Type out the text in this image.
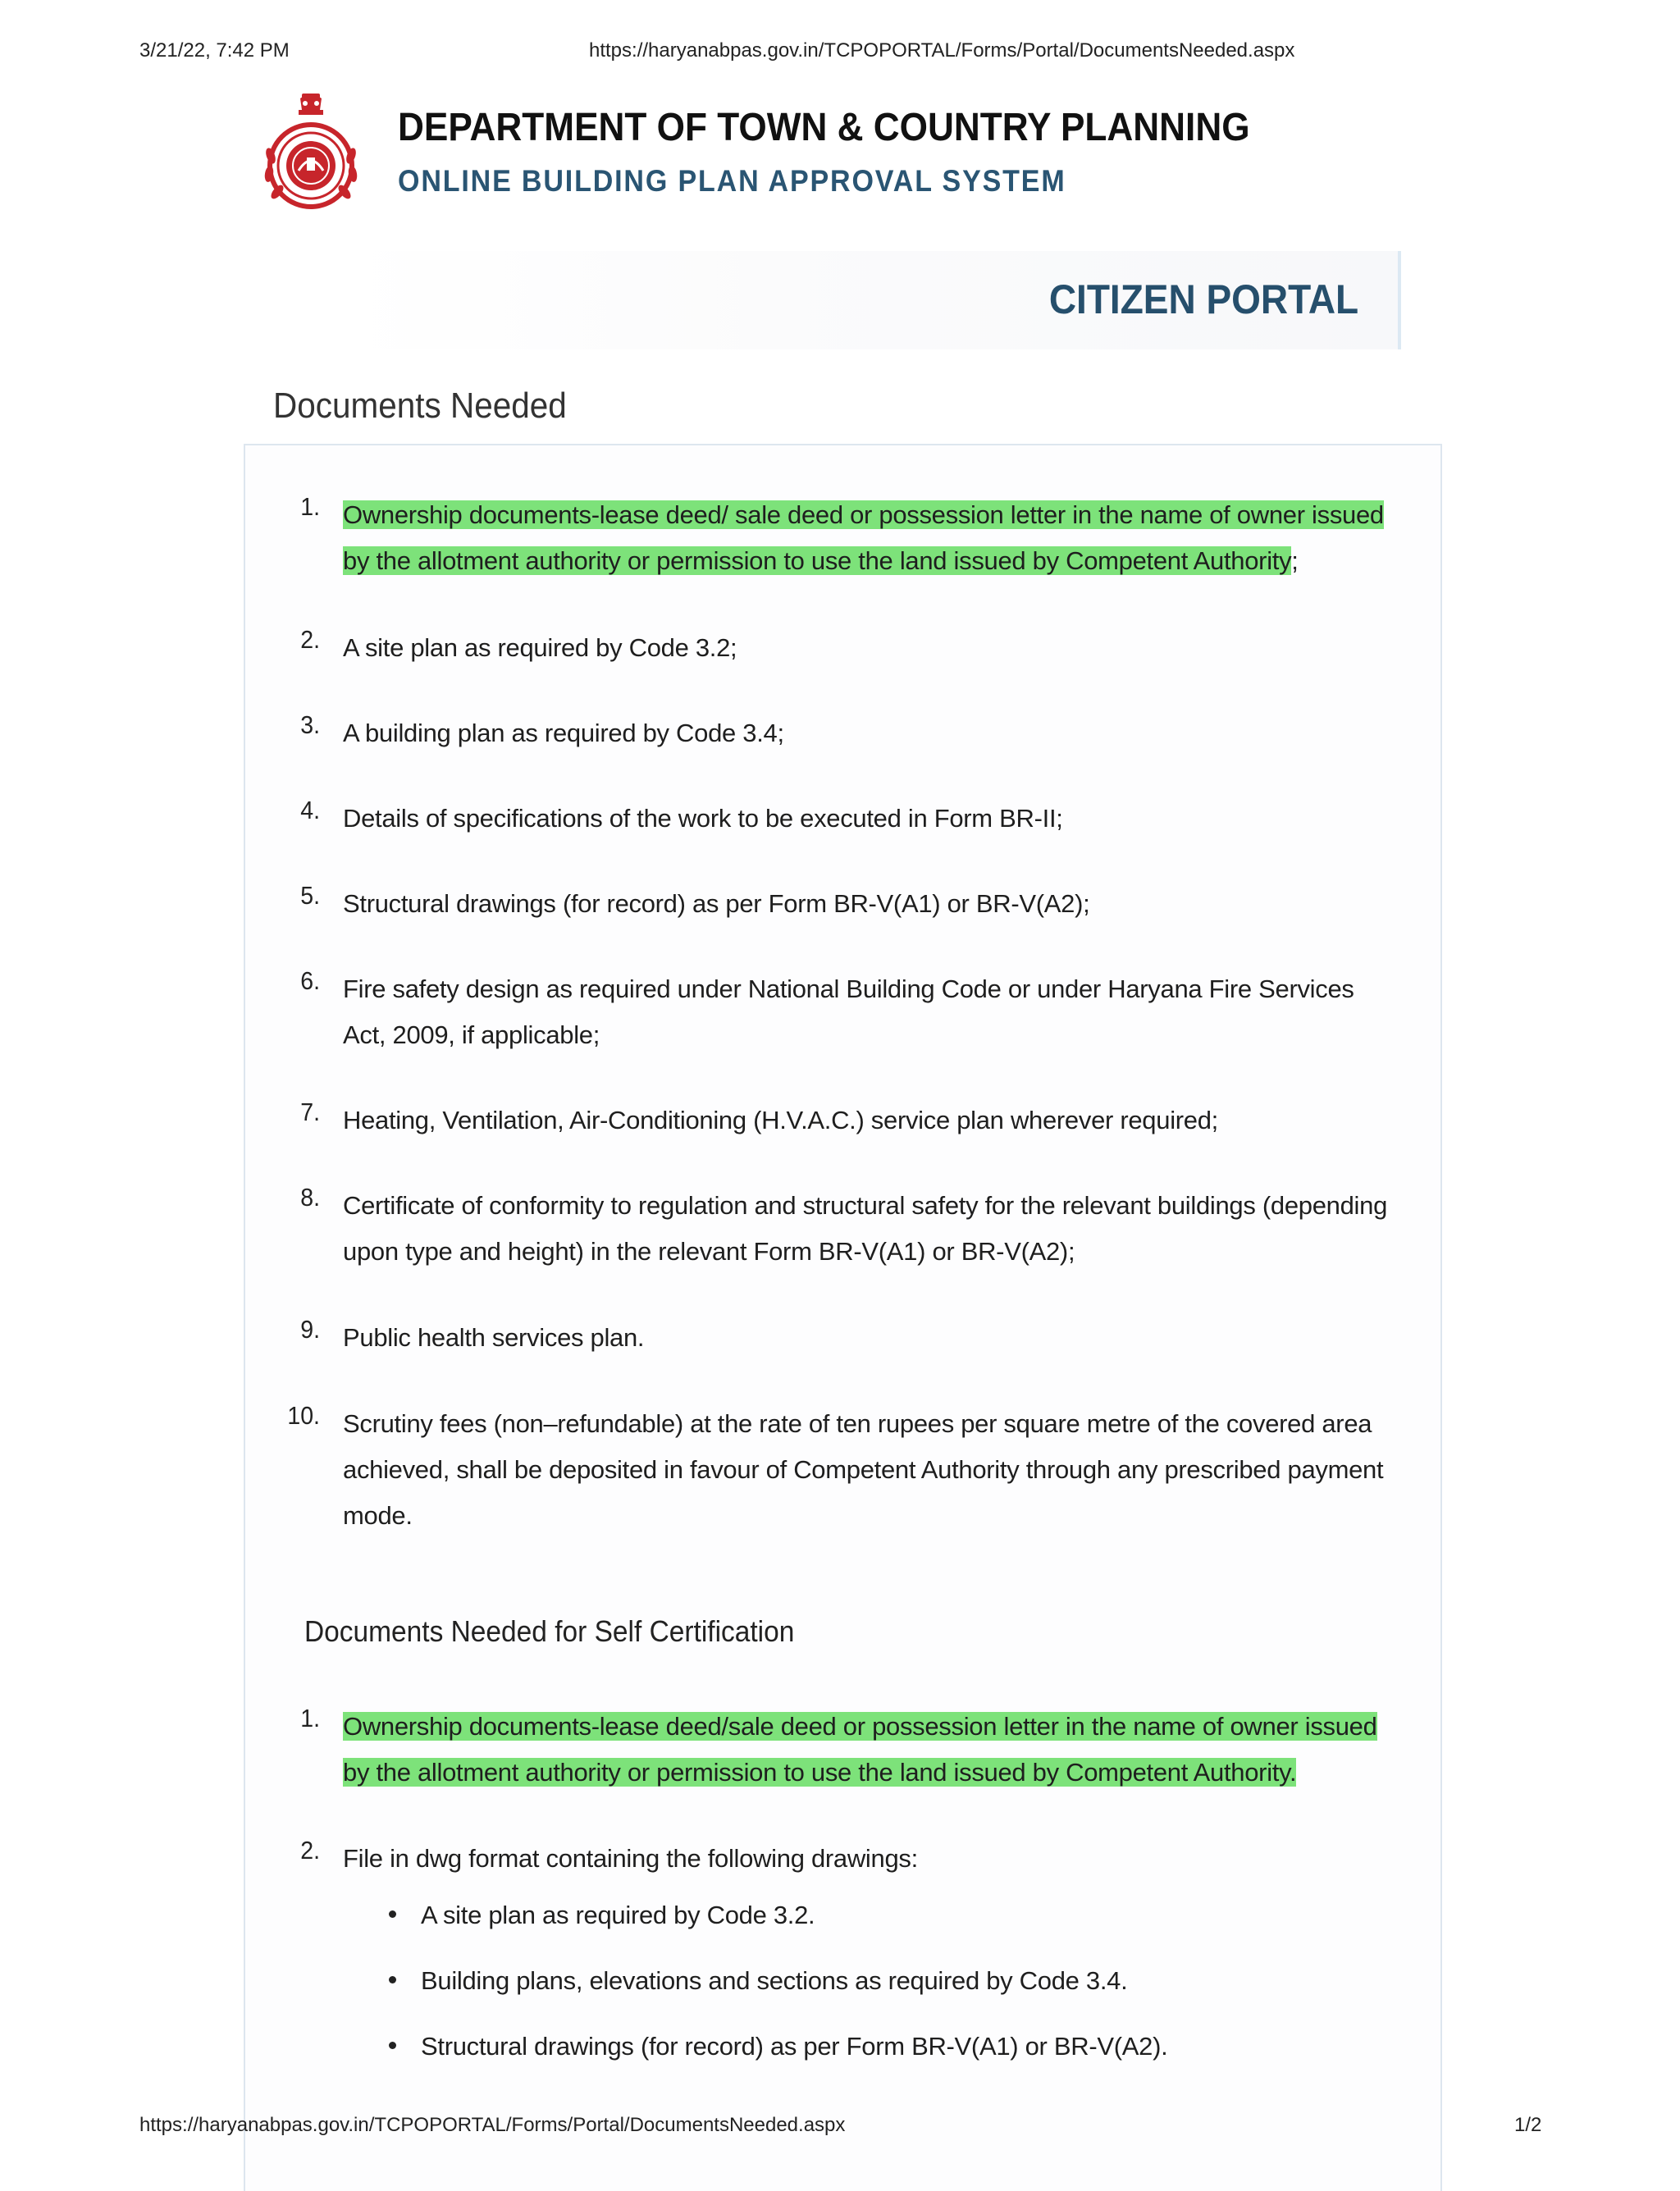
3/21/22, 7:42 PM	https://haryanabpas.gov.in/TCPOPORTAL/Forms/Portal/DocumentsNeeded.aspx
DEPARTMENT OF TOWN & COUNTRY PLANNING
ONLINE BUILDING PLAN APPROVAL SYSTEM
CITIZEN PORTAL
Documents Needed
1. Ownership documents-lease deed/ sale deed or possession letter in the name of owner issued by the allotment authority or permission to use the land issued by Competent Authority;
2. A site plan as required by Code 3.2;
3. A building plan as required by Code 3.4;
4. Details of specifications of the work to be executed in Form BR-II;
5. Structural drawings (for record) as per Form BR-V(A1) or BR-V(A2);
6. Fire safety design as required under National Building Code or under Haryana Fire Services Act, 2009, if applicable;
7. Heating, Ventilation, Air-Conditioning (H.V.A.C.) service plan wherever required;
8. Certificate of conformity to regulation and structural safety for the relevant buildings (depending upon type and height) in the relevant Form BR-V(A1) or BR-V(A2);
9. Public health services plan.
10. Scrutiny fees (non–refundable) at the rate of ten rupees per square metre of the covered area achieved, shall be deposited in favour of Competent Authority through any prescribed payment mode.
Documents Needed for Self Certification
1. Ownership documents-lease deed/sale deed or possession letter in the name of owner issued by the allotment authority or permission to use the land issued by Competent Authority.
2. File in dwg format containing the following drawings:
A site plan as required by Code 3.2.
Building plans, elevations and sections as required by Code 3.4.
Structural drawings (for record) as per Form BR-V(A1) or BR-V(A2).
https://haryanabpas.gov.in/TCPOPORTAL/Forms/Portal/DocumentsNeeded.aspx	1/2
